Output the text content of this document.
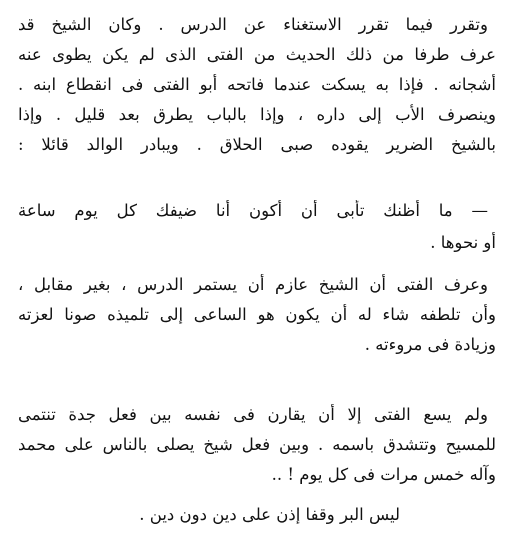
وتقرر فيما تقرر الاستغناء عن الدرس . وكان الشيخ قد
عرف طرفا من ذلك الحديث من الفتى الذى لم يكن يطوى عنه
أشجانه . فإذا به يسكت عندما فاتحه أبو الفتى فى انقطاع ابنه .
وينصرف الأب إلى داره ، وإذا بالباب يطرق بعد قليل . وإذا
بالشيخ الضرير يقوده صبى الحلاق . ويبادر الوالد قائلا :
— ما أظنك تأبى أن أكون أنا ضيفك كل يوم ساعة
أو نحوها .
وعرف الفتى أن الشيخ عازم أن يستمر الدرس ، بغير مقابل ،
وأن تلطفه شاء له أن يكون هو الساعى إلى تلميذه صونا لعزته
وزيادة فى مروءته .
ولم يسع الفتى إلا أن يقارن فى نفسه بين فعل جدة تنتمى
للمسيح وتتشدق باسمه . وبين فعل شيخ يصلى بالناس على محمد
وآله خمس مرات فى كل يوم ! ..
ليس البر وقفا إذن على دين دون دين .
